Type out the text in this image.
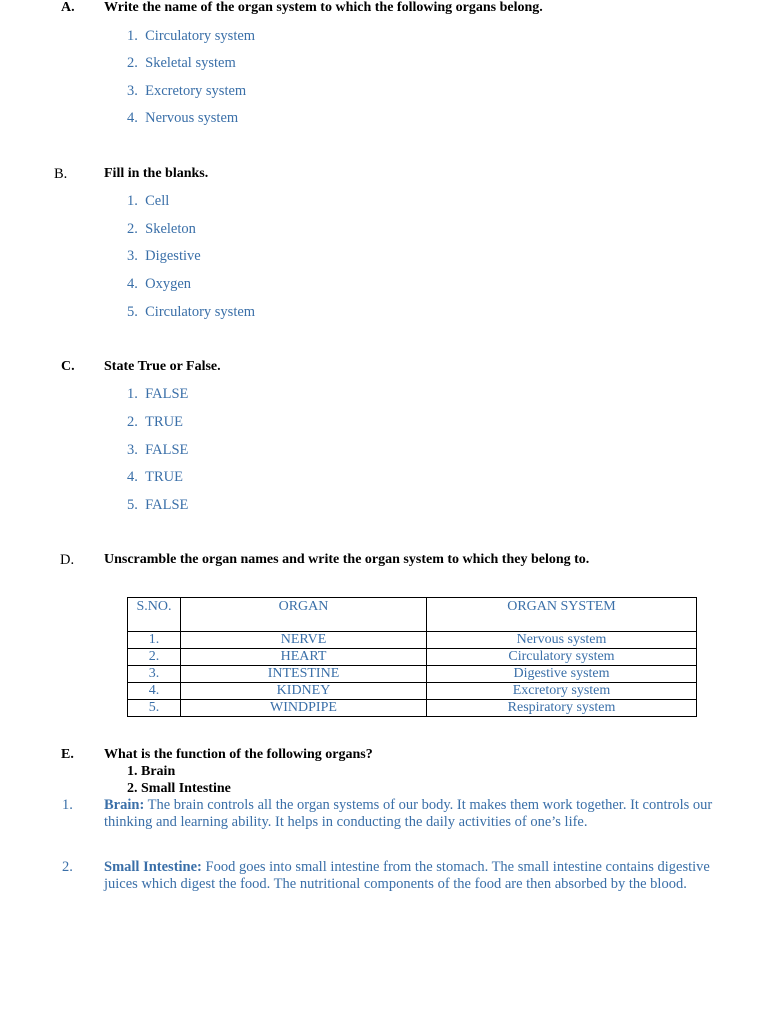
A. Write the name of the organ system to which the following organs belong.
1. Circulatory system
2. Skeletal system
3. Excretory system
4. Nervous system
B.	Fill in the blanks.
1. Cell
2. Skeleton
3. Digestive
4. Oxygen
5. Circulatory system
C. State True or False.
1. FALSE
2. TRUE
3. FALSE
4. TRUE
5. FALSE
D. Unscramble the organ names and write the organ system to which they belong to.
S.NO.	ORGAN	ORGAN SYSTEM
1.	NERVE	Nervous system
2.	HEART	Circulatory system
3.	INTESTINE	Digestive system
4.	KIDNEY	Excretory system
5.	WINDPIPE	Respiratory system
E. What is the function of the following organs?
1. Brain
2. Small Intestine
1. Brain: The brain controls all the organ systems of our body. It makes them work together. It controls our thinking and learning ability. It helps in conducting the daily activities of one’s life.
2. Small Intestine: Food goes into small intestine from the stomach. The small intestine contains digestive juices which digest the food. The nutritional components of the food are then absorbed by the blood.
